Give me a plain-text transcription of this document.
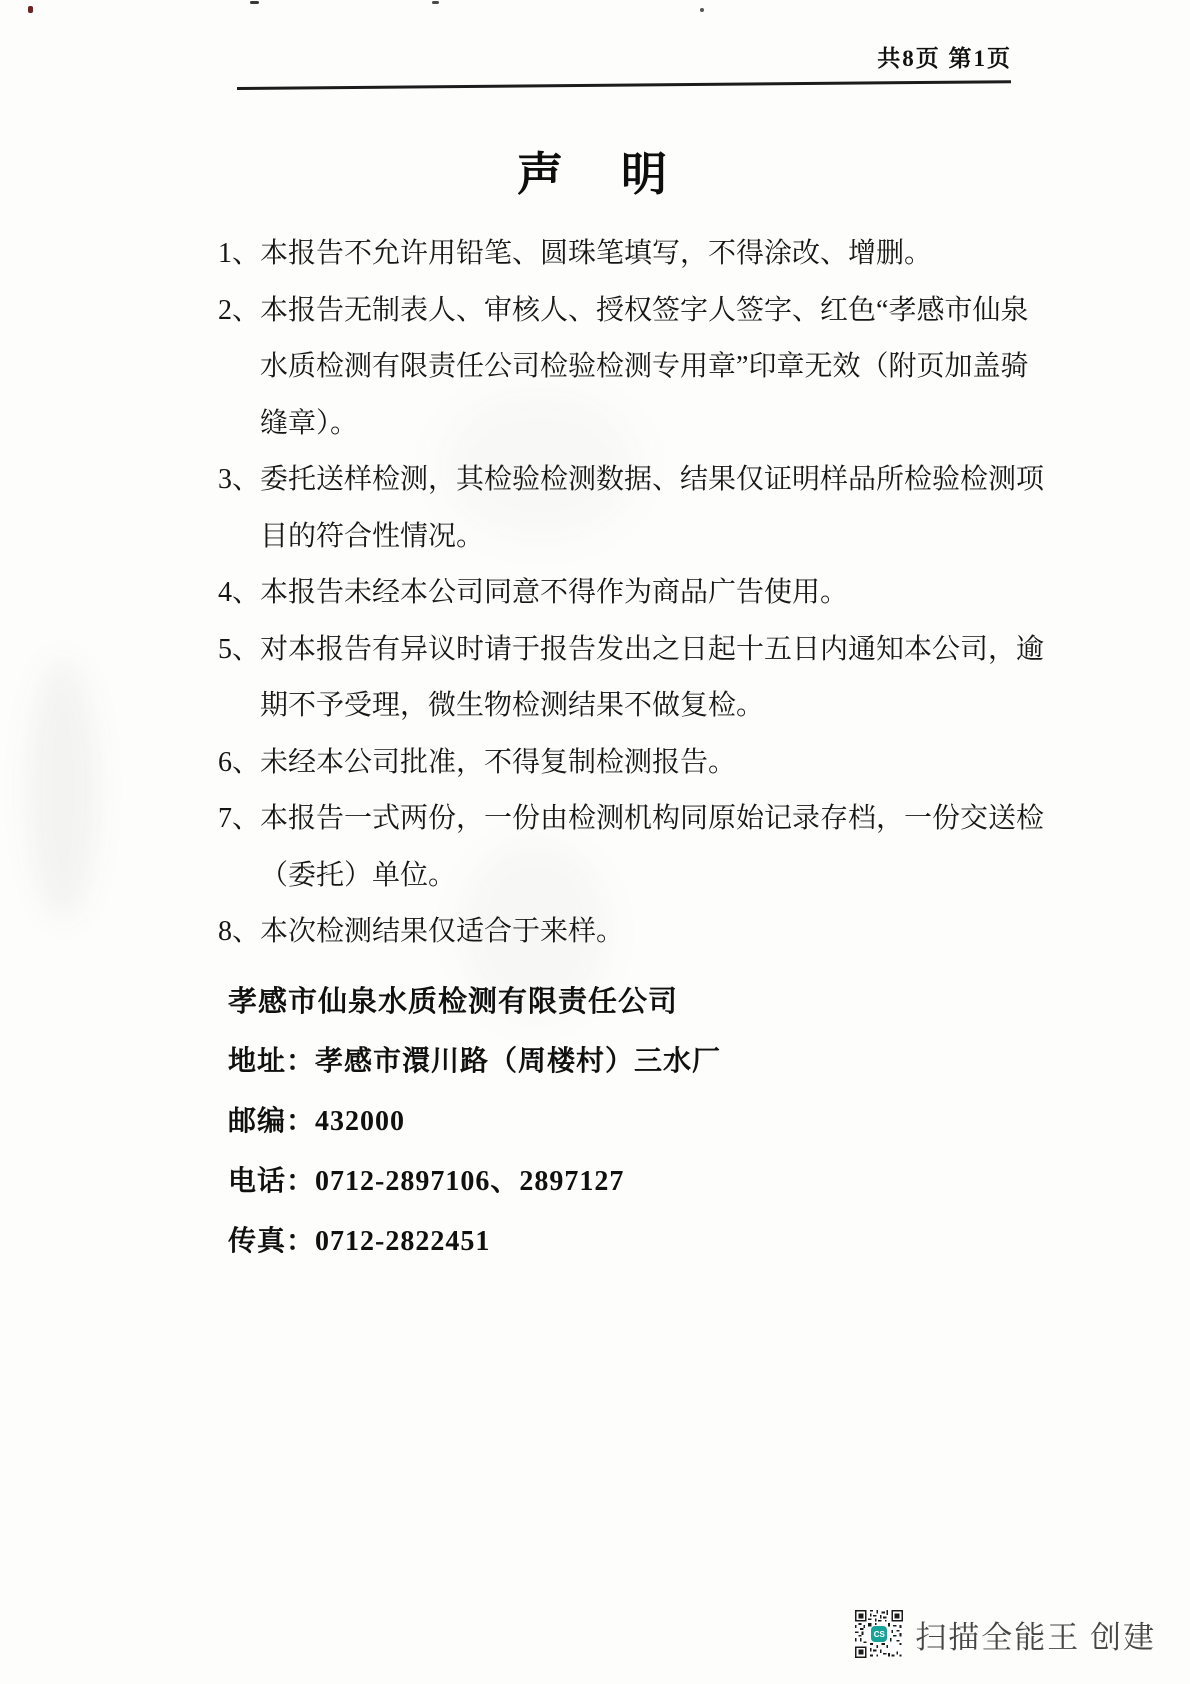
共8页 第1页
声　明
1、 本报告不允许用铅笔、圆珠笔填写，不得涂改、增删。
2、 本报告无制表人、审核人、授权签字人签字、红色“孝感市仙泉
水质检测有限责任公司检验检测专用章”印章无效（附页加盖骑
缝章）。
3、 委托送样检测，其检验检测数据、结果仅证明样品所检验检测项
目的符合性情况。
4、 本报告未经本公司同意不得作为商品广告使用。
5、 对本报告有异议时请于报告发出之日起十五日内通知本公司，逾
期不予受理，微生物检测结果不做复检。
6、 未经本公司批准，不得复制检测报告。
7、 本报告一式两份，一份由检测机构同原始记录存档，一份交送检
（委托）单位。
8、 本次检测结果仅适合于来样。
孝感市仙泉水质检测有限责任公司
地址：孝感市澴川路（周楼村）三水厂
邮编：432000
电话：0712-2897106、2897127
传真：0712-2822451
CS 扫描全能王 创建
